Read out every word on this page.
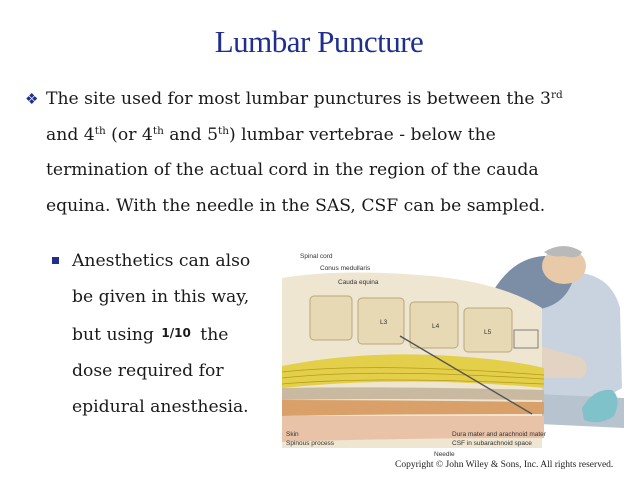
Lumbar Puncture
❖ The site used for most lumbar punctures is between the 3rd
and 4th (or 4th and 5th) lumbar vertebrae - below the
termination of the actual cord in the region of the cauda
equina. With the needle in the SAS, CSF can be sampled.
Anesthetics can also
be given in this way,
but using 1/10 the
dose required for
epidural anesthesia.
Spinal cord
Conus medullaris
Cauda equina
L3
L4
L5
Skin
Spinous process
Needle
Dura mater and arachnoid mater
CSF in subarachnoid space
Copyright © John Wiley & Sons, Inc. All rights reserved.
